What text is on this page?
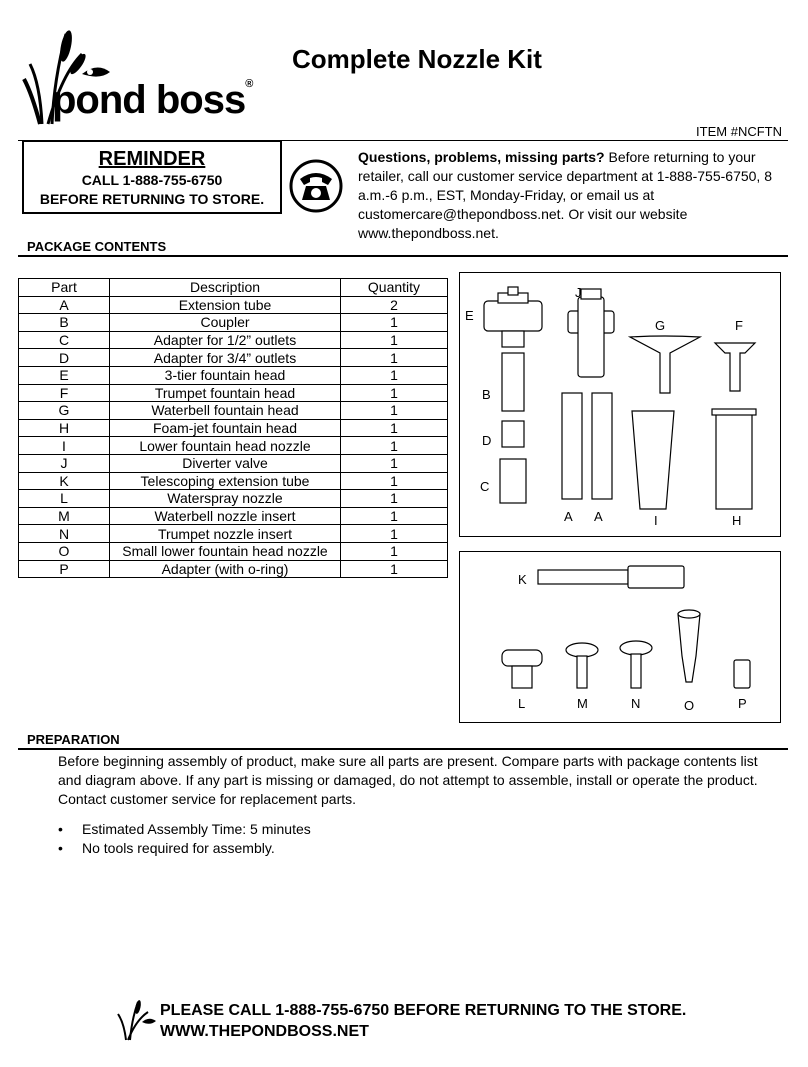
pond boss®
Complete Nozzle Kit
ITEM #NCFTN
REMINDER
CALL 1-888-755-6750
BEFORE RETURNING TO STORE.
Questions, problems, missing parts? Before returning to your retailer, call our customer service department at 1-888-755-6750, 8 a.m.-6 p.m., EST, Monday-Friday, or email us at customercare@thepondboss.net. Or visit our website www.thepondboss.net.
PACKAGE CONTENTS
Part	Description	Quantity
A	Extension tube	2
B	Coupler	1
C	Adapter for 1/2” outlets	1
D	Adapter for 3/4” outlets	1
E	3-tier fountain head	1
F	Trumpet fountain head	1
G	Waterbell fountain head	1
H	Foam-jet fountain head	1
I	Lower fountain head nozzle	1
J	Diverter valve	1
K	Telescoping extension tube	1
L	Waterspray nozzle	1
M	Waterbell nozzle insert	1
N	Trumpet nozzle insert	1
O	Small lower fountain head nozzle	1
P	Adapter (with o-ring)	1
J
E
G	F
B
D
C
A A	I	H
K
L	M	N	O	P
PREPARATION
Before beginning assembly of product, make sure all parts are present. Compare parts with package contents list and diagram above. If any part is missing or damaged, do not attempt to assemble, install or operate the product. Contact customer service for replacement parts.
• Estimated Assembly Time: 5 minutes
• No tools required for assembly.
PLEASE CALL 1-888-755-6750 BEFORE RETURNING TO THE STORE.
WWW.THEPONDBOSS.NET
